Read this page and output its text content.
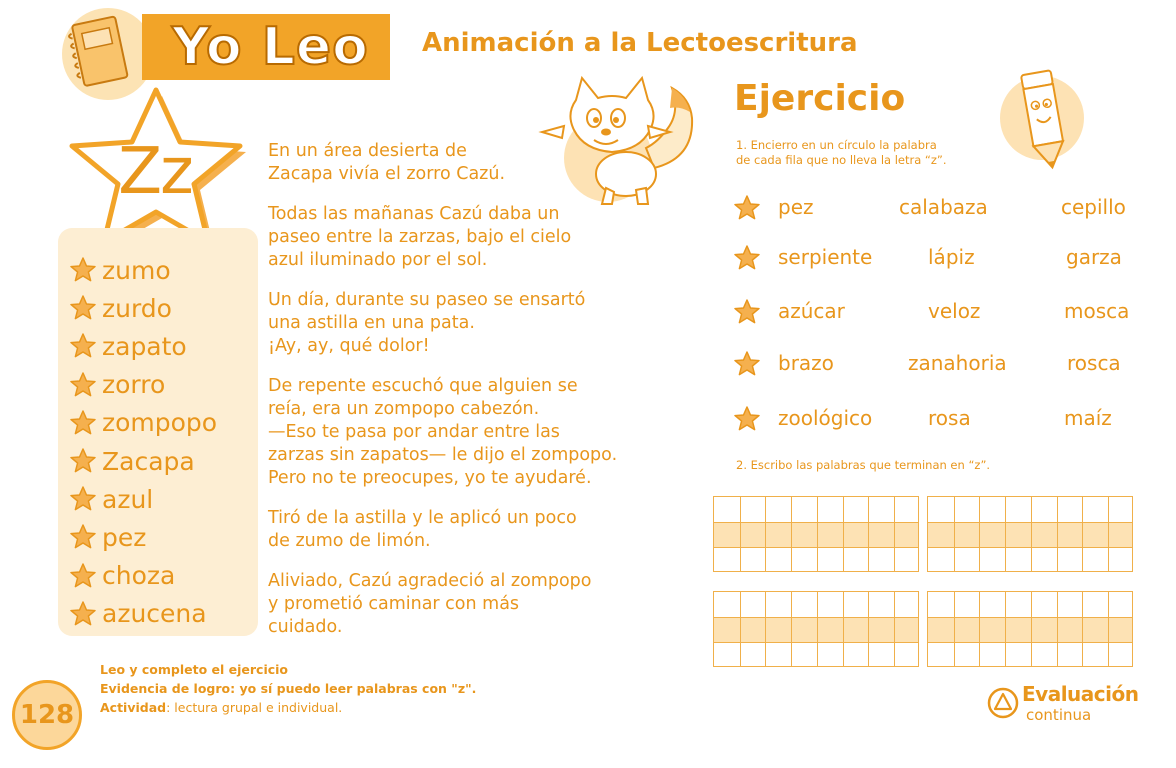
Yo Leo Animación a la Lectoescritura
Zz
zumo
zurdo
zapato
zorro
zompopo
Zacapa
azul
pez
choza
azucena

En un área desierta de
Zacapa vivía el zorro Cazú.

Todas las mañanas Cazú daba un
paseo entre la zarzas, bajo el cielo
azul iluminado por el sol.

Un día, durante su paseo se ensartó
una astilla en una pata.
¡Ay, ay, qué dolor!

De repente escuchó que alguien se
reía, era un zompopo cabezón.
—Eso te pasa por andar entre las
zarzas sin zapatos— le dijo el zompopo.
Pero no te preocupes, yo te ayudaré.

Tiró de la astilla y le aplicó un poco
de zumo de limón.

Aliviado, Cazú agradeció al zompopo
y prometió caminar con más
cuidado.

Ejercicio
1. Encierro en un círculo la palabra
de cada fila que no lleva la letra “z”.
pez	calabaza	cepillo
serpiente	lápiz	garza
azúcar	veloz	mosca
brazo	zanahoria	rosca
zoológico	rosa	maíz
2. Escribo las palabras que terminan en “z”.
128
Leo y completo el ejercicio
Evidencia de logro: yo sí puedo leer palabras con "z".
Actividad: lectura grupal e individual.
Evaluación
continua
